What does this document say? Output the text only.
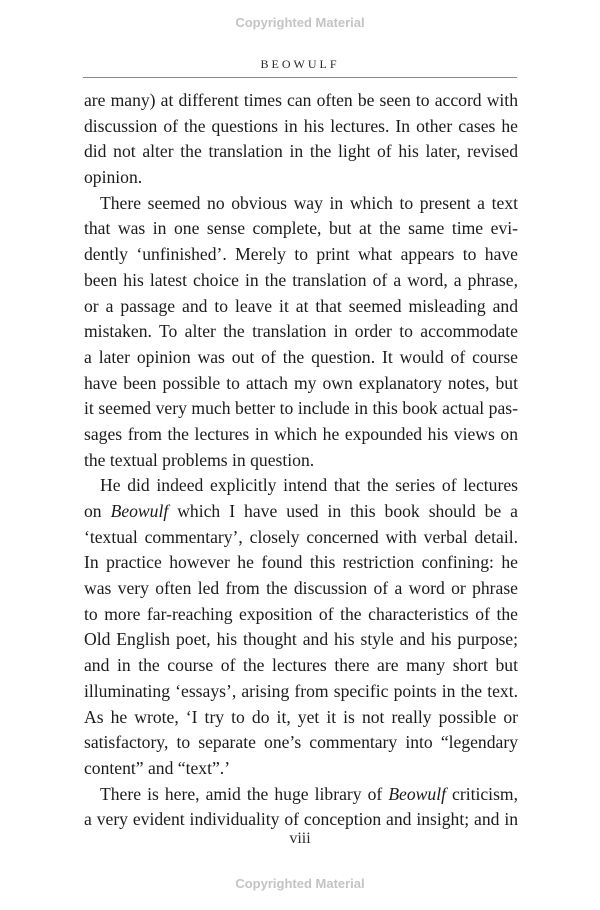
Copyrighted Material
BEOWULF
are many) at different times can often be seen to accord with
discussion of the questions in his lectures. In other cases he
did not alter the translation in the light of his later, revised
opinion.
There seemed no obvious way in which to present a text
that was in one sense complete, but at the same time evi-
dently ‘unfinished’. Merely to print what appears to have
been his latest choice in the translation of a word, a phrase,
or a passage and to leave it at that seemed misleading and
mistaken. To alter the translation in order to accommodate
a later opinion was out of the question. It would of course
have been possible to attach my own explanatory notes, but
it seemed very much better to include in this book actual pas-
sages from the lectures in which he expounded his views on
the textual problems in question.
He did indeed explicitly intend that the series of lectures
on Beowulf which I have used in this book should be a
‘textual commentary’, closely concerned with verbal detail.
In practice however he found this restriction confining: he
was very often led from the discussion of a word or phrase
to more far-reaching exposition of the characteristics of the
Old English poet, his thought and his style and his purpose;
and in the course of the lectures there are many short but
illuminating ‘essays’, arising from specific points in the text.
As he wrote, ‘I try to do it, yet it is not really possible or
satisfactory, to separate one’s commentary into “legendary
content” and “text”.’
There is here, amid the huge library of Beowulf criticism,
a very evident individuality of conception and insight; and in
viii
Copyrighted Material
